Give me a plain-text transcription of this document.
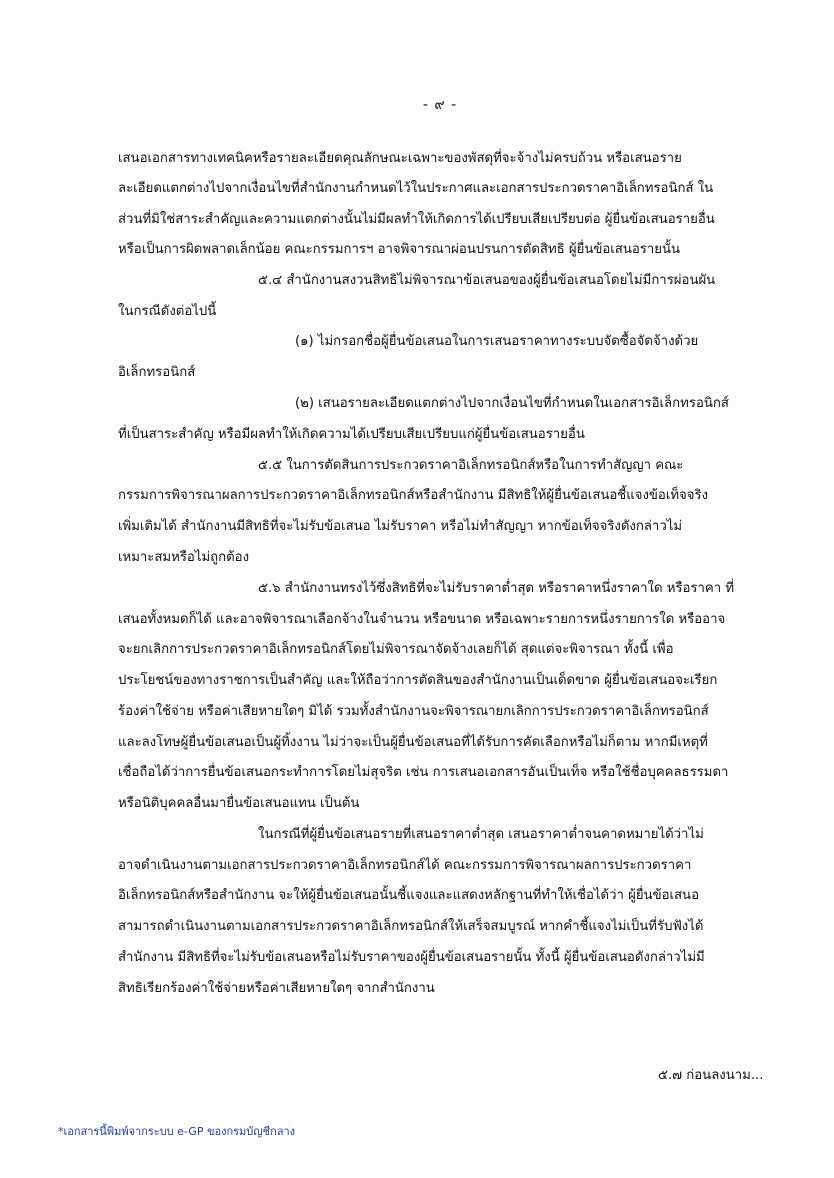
- ๙ -
เสนอเอกสารทางเทคนิคหรือรายละเอียดคุณลักษณะเฉพาะของพัสดุที่จะจ้างไม่ครบถ้วน หรือเสนอราย
ละเอียดแตกต่างไปจากเงื่อนไขที่สำนักงานกำหนดไว้ในประกาศและเอกสารประกวดราคาอิเล็กทรอนิกส์ ใน
ส่วนที่มิใช่สาระสำคัญและความแตกต่างนั้นไม่มีผลทำให้เกิดการได้เปรียบเสียเปรียบต่อ ผู้ยื่นข้อเสนอรายอื่น
หรือเป็นการผิดพลาดเล็กน้อย คณะกรรมการฯ อาจพิจารณาผ่อนปรนการตัดสิทธิ ผู้ยื่นข้อเสนอรายนั้น
๕.๔ สำนักงานสงวนสิทธิไม่พิจารณาข้อเสนอของผู้ยื่นข้อเสนอโดยไม่มีการผ่อนผัน
ในกรณีดังต่อไปนี้
(๑) ไม่กรอกชื่อผู้ยื่นข้อเสนอในการเสนอราคาทางระบบจัดซื้อจัดจ้างด้วย
อิเล็กทรอนิกส์
(๒) เสนอรายละเอียดแตกต่างไปจากเงื่อนไขที่กำหนดในเอกสารอิเล็กทรอนิกส์
ที่เป็นสาระสำคัญ หรือมีผลทำให้เกิดความได้เปรียบเสียเปรียบแก่ผู้ยื่นข้อเสนอรายอื่น
๕.๕ ในการตัดสินการประกวดราคาอิเล็กทรอนิกส์หรือในการทำสัญญา คณะ
กรรมการพิจารณาผลการประกวดราคาอิเล็กทรอนิกส์หรือสำนักงาน มีสิทธิให้ผู้ยื่นข้อเสนอชี้แจงข้อเท็จจริง
เพิ่มเติมได้ สำนักงานมีสิทธิที่จะไม่รับข้อเสนอ ไม่รับราคา หรือไม่ทำสัญญา หากข้อเท็จจริงดังกล่าวไม่
เหมาะสมหรือไม่ถูกต้อง
๕.๖ สำนักงานทรงไว้ซึ่งสิทธิที่จะไม่รับราคาต่ำสุด หรือราคาหนึ่งราคาใด หรือราคา ที่
เสนอทั้งหมดก็ได้ และอาจพิจารณาเลือกจ้างในจำนวน หรือขนาด หรือเฉพาะรายการหนึ่งรายการใด หรืออาจ
จะยกเลิกการประกวดราคาอิเล็กทรอนิกส์โดยไม่พิจารณาจัดจ้างเลยก็ได้ สุดแต่จะพิจารณา ทั้งนี้ เพื่อ
ประโยชน์ของทางราชการเป็นสำคัญ และให้ถือว่าการตัดสินของสำนักงานเป็นเด็ดขาด ผู้ยื่นข้อเสนอจะเรียก
ร้องค่าใช้จ่าย หรือค่าเสียหายใดๆ มิได้ รวมทั้งสำนักงานจะพิจารณายกเลิกการประกวดราคาอิเล็กทรอนิกส์
และลงโทษผู้ยื่นข้อเสนอเป็นผู้ทิ้งงาน ไม่ว่าจะเป็นผู้ยื่นข้อเสนอที่ได้รับการคัดเลือกหรือไม่ก็ตาม หากมีเหตุที่
เชื่อถือได้ว่าการยื่นข้อเสนอกระทำการโดยไม่สุจริต เช่น การเสนอเอกสารอันเป็นเท็จ หรือใช้ชื่อบุคคลธรรมดา
หรือนิติบุคคลอื่นมายื่นข้อเสนอแทน เป็นต้น
ในกรณีที่ผู้ยื่นข้อเสนอรายที่เสนอราคาต่ำสุด เสนอราคาต่ำจนคาดหมายได้ว่าไม่
อาจดำเนินงานตามเอกสารประกวดราคาอิเล็กทรอนิกส์ได้ คณะกรรมการพิจารณาผลการประกวดราคา
อิเล็กทรอนิกส์หรือสำนักงาน จะให้ผู้ยื่นข้อเสนอนั้นชี้แจงและแสดงหลักฐานที่ทำให้เชื่อได้ว่า ผู้ยื่นข้อเสนอ
สามารถดำเนินงานตามเอกสารประกวดราคาอิเล็กทรอนิกส์ให้เสร็จสมบูรณ์ หากคำชี้แจงไม่เป็นที่รับฟังได้
สำนักงาน มีสิทธิที่จะไม่รับข้อเสนอหรือไม่รับราคาของผู้ยื่นข้อเสนอรายนั้น ทั้งนี้ ผู้ยื่นข้อเสนอดังกล่าวไม่มี
สิทธิเรียกร้องค่าใช้จ่ายหรือค่าเสียหายใดๆ จากสำนักงาน
๕.๗ ก่อนลงนาม...
*เอกสารนี้พิมพ์จากระบบ e-GP ของกรมบัญชีกลาง
